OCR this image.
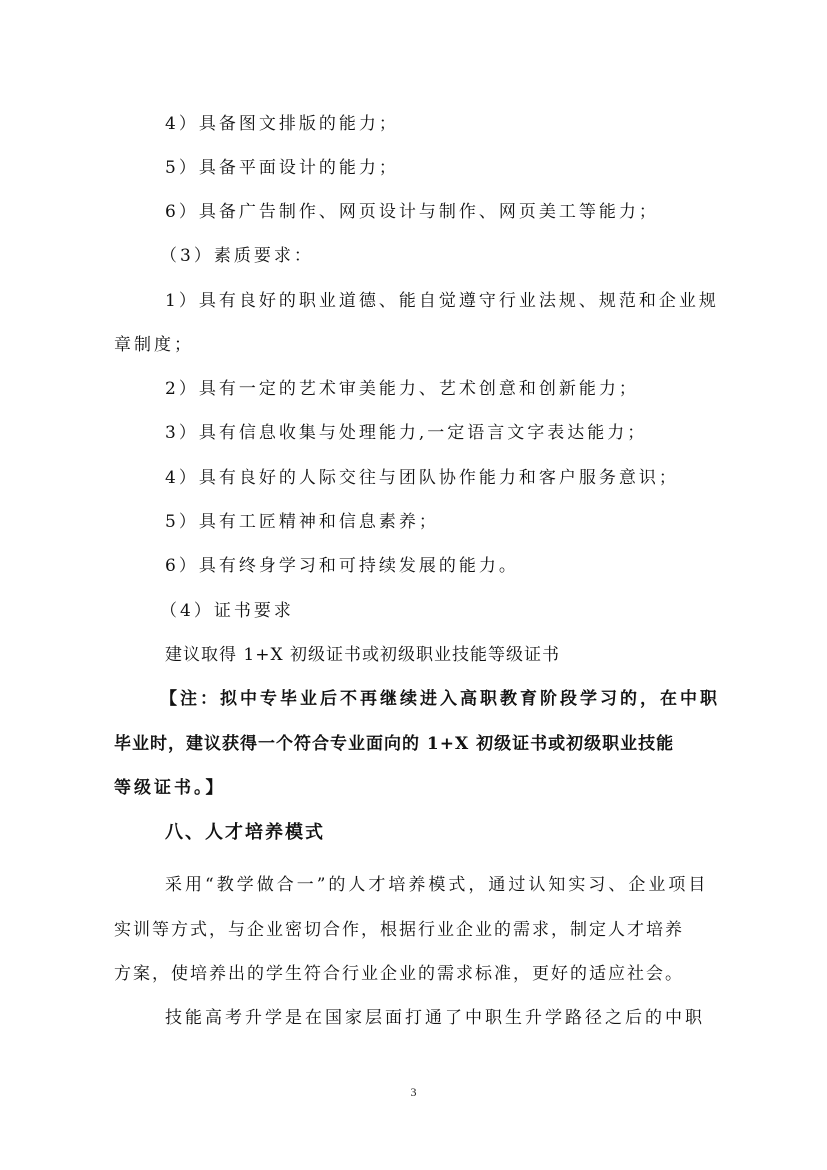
4）具备图文排版的能力；
5）具备平面设计的能力；
6）具备广告制作、网页设计与制作、网页美工等能力；
（3）素质要求：
1）具有良好的职业道德、能自觉遵守行业法规、规范和企业规
章制度；
2）具有一定的艺术审美能力、艺术创意和创新能力；
3）具有信息收集与处理能力,一定语言文字表达能力；
4）具有良好的人际交往与团队协作能力和客户服务意识；
5）具有工匠精神和信息素养；
6）具有终身学习和可持续发展的能力。
（4）证书要求
建议取得 1+X 初级证书或初级职业技能等级证书
【注：拟中专毕业后不再继续进入高职教育阶段学习的，在中职
毕业时，建议获得一个符合专业面向的 1+X 初级证书或初级职业技能
等级证书。】
八、人才培养模式
采用“教学做合一”的人才培养模式，通过认知实习、企业项目
实训等方式，与企业密切合作，根据行业企业的需求，制定人才培养
方案，使培养出的学生符合行业企业的需求标准，更好的适应社会。
技能高考升学是在国家层面打通了中职生升学路径之后的中职
3
